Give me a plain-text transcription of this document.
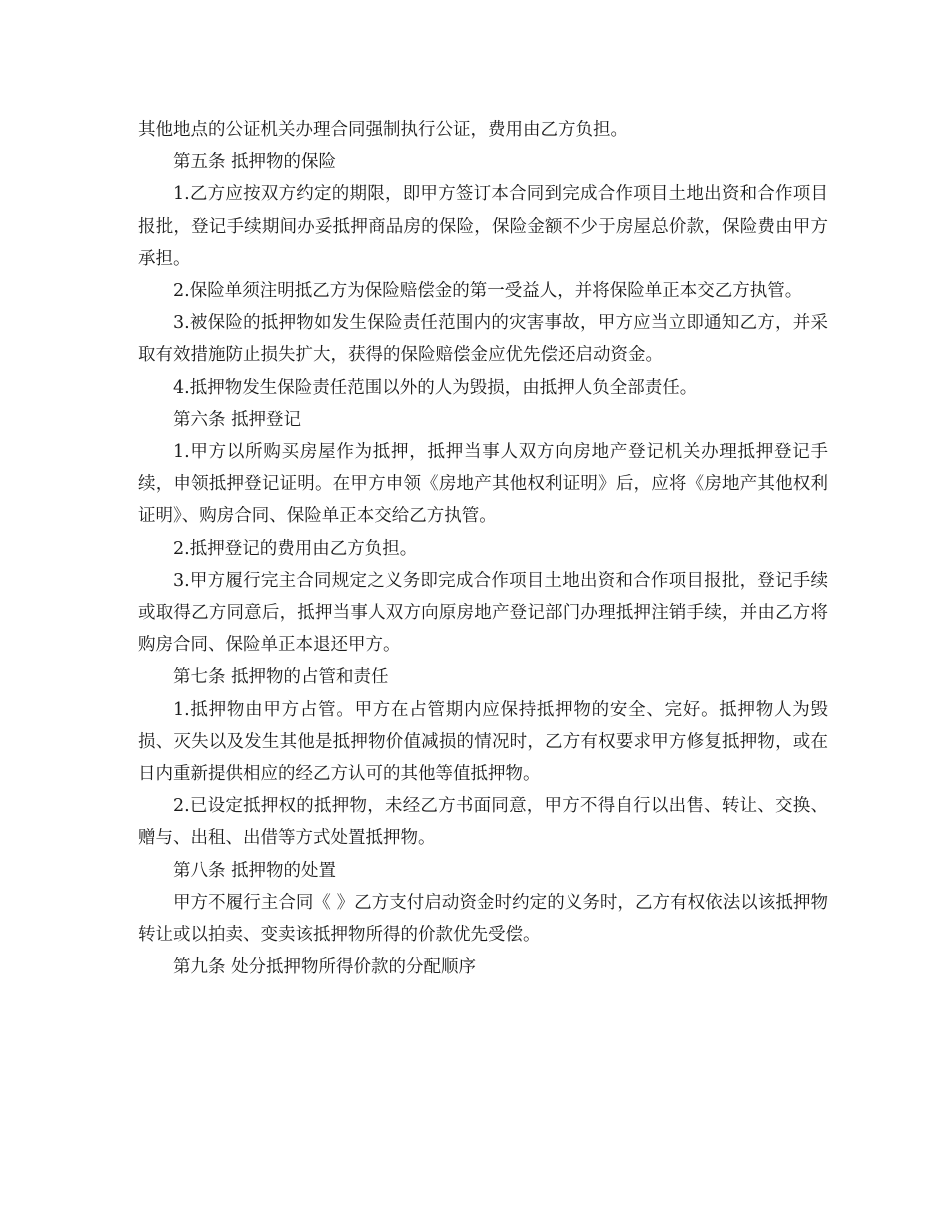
其他地点的公证机关办理合同强制执行公证，费用由乙方负担。

第五条 抵押物的保险

1.乙方应按双方约定的期限，即甲方签订本合同到完成合作项目土地出资和合作项目报批，登记手续期间办妥抵押商品房的保险，保险金额不少于房屋总价款，保险费由甲方承担。

2.保险单须注明抵乙方为保险赔偿金的第一受益人，并将保险单正本交乙方执管。

3.被保险的抵押物如发生保险责任范围内的灾害事故，甲方应当立即通知乙方，并采取有效措施防止损失扩大，获得的保险赔偿金应优先偿还启动资金。

4.抵押物发生保险责任范围以外的人为毁损，由抵押人负全部责任。

第六条 抵押登记

1.甲方以所购买房屋作为抵押，抵押当事人双方向房地产登记机关办理抵押登记手续，申领抵押登记证明。在甲方申领《房地产其他权利证明》后，应将《房地产其他权利证明》、购房合同、保险单正本交给乙方执管。

2.抵押登记的费用由乙方负担。

3.甲方履行完主合同规定之义务即完成合作项目土地出资和合作项目报批，登记手续或取得乙方同意后，抵押当事人双方向原房地产登记部门办理抵押注销手续，并由乙方将购房合同、保险单正本退还甲方。

第七条 抵押物的占管和责任

1.抵押物由甲方占管。甲方在占管期内应保持抵押物的安全、完好。抵押物人为毁损、灭失以及发生其他是抵押物价值减损的情况时，乙方有权要求甲方修复抵押物，或在 日内重新提供相应的经乙方认可的其他等值抵押物。

2.已设定抵押权的抵押物，未经乙方书面同意，甲方不得自行以出售、转让、交换、赠与、出租、出借等方式处置抵押物。

第八条 抵押物的处置

甲方不履行主合同《 》乙方支付启动资金时约定的义务时，乙方有权依法以该抵押物转让或以拍卖、变卖该抵押物所得的价款优先受偿。

第九条 处分抵押物所得价款的分配顺序
